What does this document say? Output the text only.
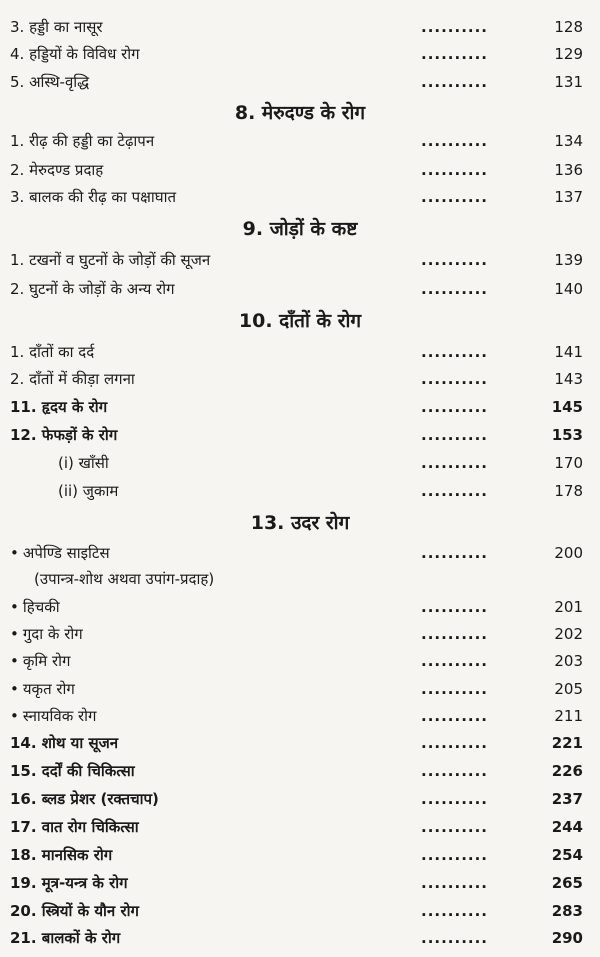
3. हड्डी का नासूर	..........	128
4. हड्डियों के विविध रोग	..........	129
5. अस्थि-वृद्धि	..........	131
8. मेरुदण्ड के रोग
1. रीढ़ की हड्डी का टेढ़ापन	..........	134
2. मेरुदण्ड प्रदाह	..........	136
3. बालक की रीढ़ का पक्षाघात	..........	137
9. जोड़ों के कष्ट
1. टखनों व घुटनों के जोड़ों की सूजन	..........	139
2. घुटनों के जोड़ों के अन्य रोग	..........	140
10. दाँतों के रोग
1. दाँतों का दर्द	..........	141
2. दाँतों में कीड़ा लगना	..........	143
11. हृदय के रोग	..........	145
12. फेफड़ों के रोग	..........	153
(i) खाँसी	..........	170
(ii) जुकाम	..........	178
13. उदर रोग
• अपेण्डि साइटिस	..........	200
(उपान्त्र-शोथ अथवा उपांग-प्रदाह)
• हिचकी	..........	201
• गुदा के रोग	..........	202
• कृमि रोग	..........	203
• यकृत रोग	..........	205
• स्नायविक रोग	..........	211
14. शोथ या सूजन	..........	221
15. दर्दों की चिकित्सा	..........	226
16. ब्लड प्रेशर (रक्तचाप)	..........	237
17. वात रोग चिकित्सा	..........	244
18. मानसिक रोग	..........	254
19. मूत्र-यन्त्र के रोग	..........	265
20. स्त्रियों के यौन रोग	..........	283
21. बालकों के रोग	..........	290
